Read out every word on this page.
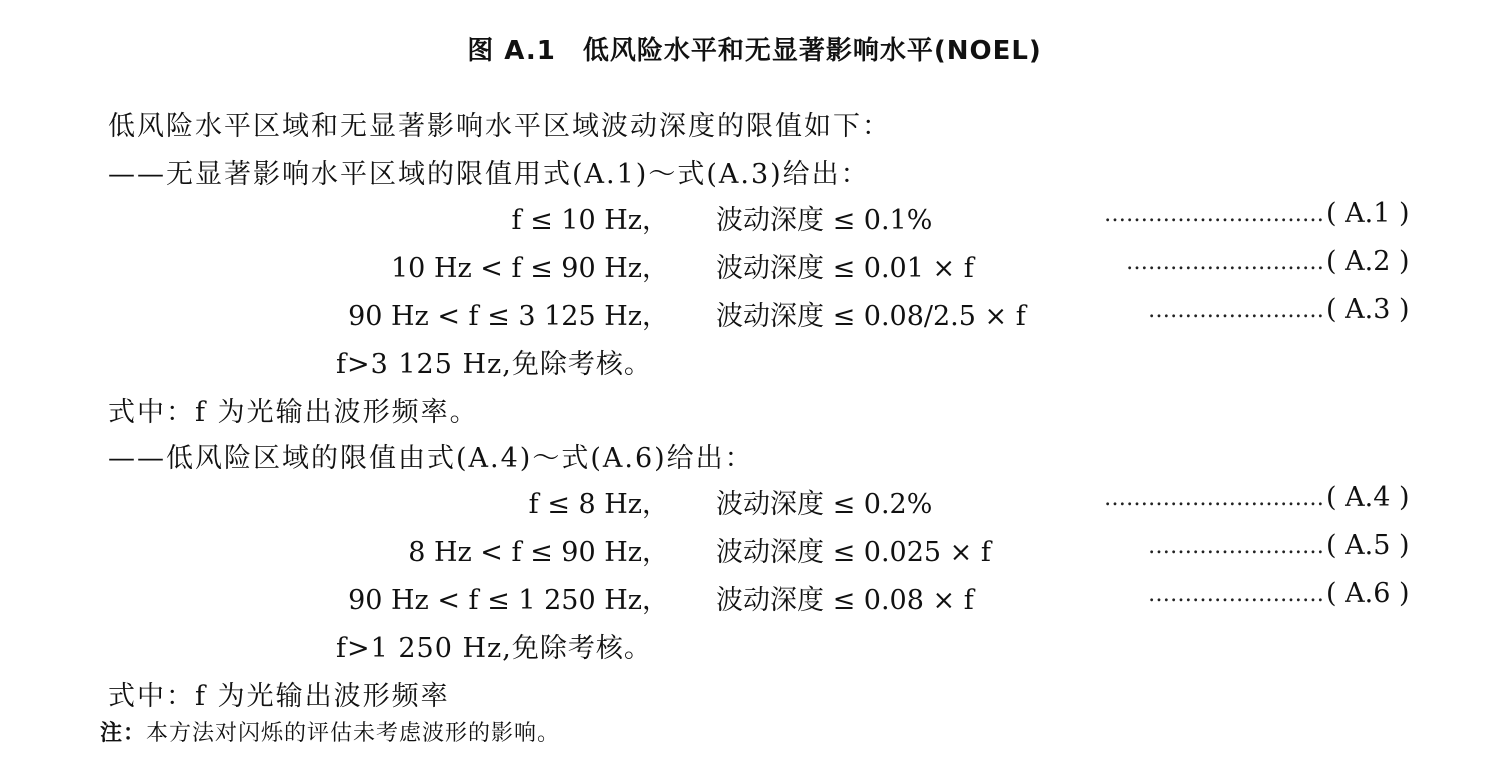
图 A.1　低风险水平和无显著影响水平(NOEL)
低风险水平区域和无显著影响水平区域波动深度的限值如下：
——无显著影响水平区域的限值用式(A.1)～式(A.3)给出：
f ≤ 10 Hz， 波动深度 ≤ 0.1%	………………………… ( A.1 )
10 Hz < f ≤ 90 Hz， 波动深度 ≤ 0.01 × f	……………………… ( A.2 )
90 Hz < f ≤ 3 125 Hz， 波动深度 ≤ 0.08/2.5 × f	…………………… ( A.3 )
f>3 125 Hz,免除考核。
式中：f 为光输出波形频率。
——低风险区域的限值由式(A.4)～式(A.6)给出：
f ≤ 8 Hz， 波动深度 ≤ 0.2%	………………………… ( A.4 )
8 Hz < f ≤ 90 Hz， 波动深度 ≤ 0.025 × f	…………………… ( A.5 )
90 Hz < f ≤ 1 250 Hz， 波动深度 ≤ 0.08 × f	…………………… ( A.6 )
f>1 250 Hz,免除考核。
式中：f 为光输出波形频率
注：本方法对闪烁的评估未考虑波形的影响。
